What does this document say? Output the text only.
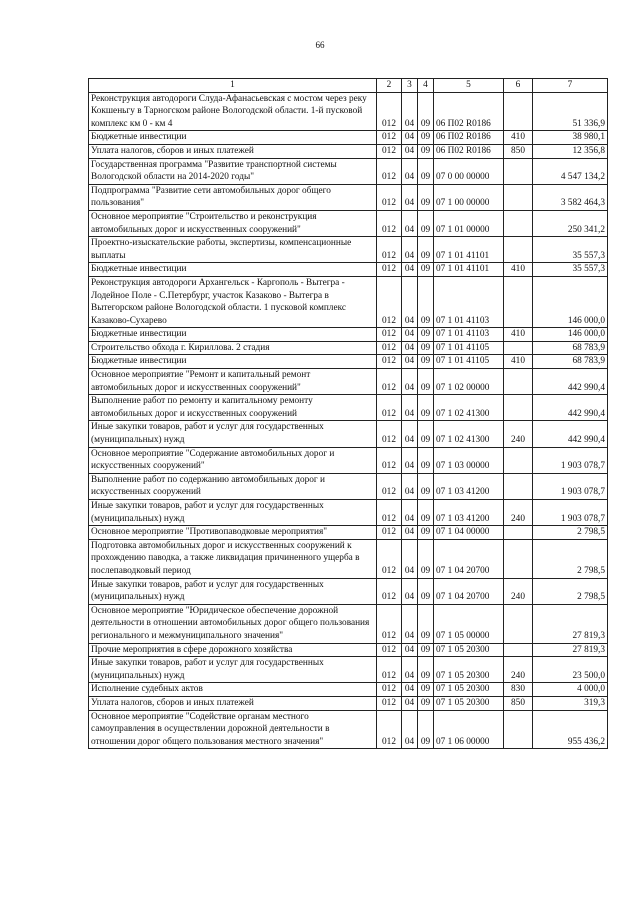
66
1	2	3	4	5	6	7
Реконструкция автодороги Слуда-Афанасьевская с мостом через реку Кокшеньгу в Тарногском районе Вологодской области. 1-й пусковой комплекс км 0 - км 4	012	04	09	06 П02 R0186		51 336,9
Бюджетные инвестиции	012	04	09	06 П02 R0186	410	38 980,1
Уплата налогов, сборов и иных платежей	012	04	09	06 П02 R0186	850	12 356,8
Государственная программа "Развитие транспортной системы Вологодской области на 2014-2020 годы"	012	04	09	07 0 00 00000		4 547 134,2
Подпрограмма "Развитие сети автомобильных дорог общего пользования"	012	04	09	07 1 00 00000		3 582 464,3
Основное мероприятие "Строительство и реконструкция автомобильных дорог и искусственных сооружений"	012	04	09	07 1 01 00000		250 341,2
Проектно-изыскательские работы, экспертизы, компенсационные выплаты	012	04	09	07 1 01 41101		35 557,3
Бюджетные инвестиции	012	04	09	07 1 01 41101	410	35 557,3
Реконструкция автодороги Архангельск - Каргополь - Вытегра - Лодейное Поле - С.Петербург, участок Казаково - Вытегра в Вытегорском районе Вологодской области. 1 пусковой комплекс Казаково-Сухарево	012	04	09	07 1 01 41103		146 000,0
Бюджетные инвестиции	012	04	09	07 1 01 41103	410	146 000,0
Строительство обхода г. Кириллова. 2 стадия	012	04	09	07 1 01 41105		68 783,9
Бюджетные инвестиции	012	04	09	07 1 01 41105	410	68 783,9
Основное мероприятие "Ремонт и капитальный ремонт автомобильных дорог и искусственных сооружений"	012	04	09	07 1 02 00000		442 990,4
Выполнение работ по ремонту и капитальному ремонту автомобильных дорог и искусственных сооружений	012	04	09	07 1 02 41300		442 990,4
Иные закупки товаров, работ и услуг для государственных (муниципальных) нужд	012	04	09	07 1 02 41300	240	442 990,4
Основное мероприятие "Содержание автомобильных дорог и искусственных сооружений"	012	04	09	07 1 03 00000		1 903 078,7
Выполнение работ по содержанию автомобильных дорог и искусственных сооружений	012	04	09	07 1 03 41200		1 903 078,7
Иные закупки товаров, работ и услуг для государственных (муниципальных) нужд	012	04	09	07 1 03 41200	240	1 903 078,7
Основное мероприятие "Противопаводковые мероприятия"	012	04	09	07 1 04 00000		2 798,5
Подготовка автомобильных дорог и искусственных сооружений к прохождению паводка, а также ликвидация причиненного ущерба в послепаводковый период	012	04	09	07 1 04 20700		2 798,5
Иные закупки товаров, работ и услуг для государственных (муниципальных) нужд	012	04	09	07 1 04 20700	240	2 798,5
Основное мероприятие "Юридическое обеспечение дорожной деятельности в отношении автомобильных дорог общего пользования регионального и межмуниципального значения"	012	04	09	07 1 05 00000		27 819,3
Прочие мероприятия в сфере дорожного хозяйства	012	04	09	07 1 05 20300		27 819,3
Иные закупки товаров, работ и услуг для государственных (муниципальных) нужд	012	04	09	07 1 05 20300	240	23 500,0
Исполнение судебных актов	012	04	09	07 1 05 20300	830	4 000,0
Уплата налогов, сборов и иных платежей	012	04	09	07 1 05 20300	850	319,3
Основное мероприятие "Содействие органам местного самоуправления в осуществлении дорожной деятельности в отношении дорог общего пользования местного значения"	012	04	09	07 1 06 00000		955 436,2
